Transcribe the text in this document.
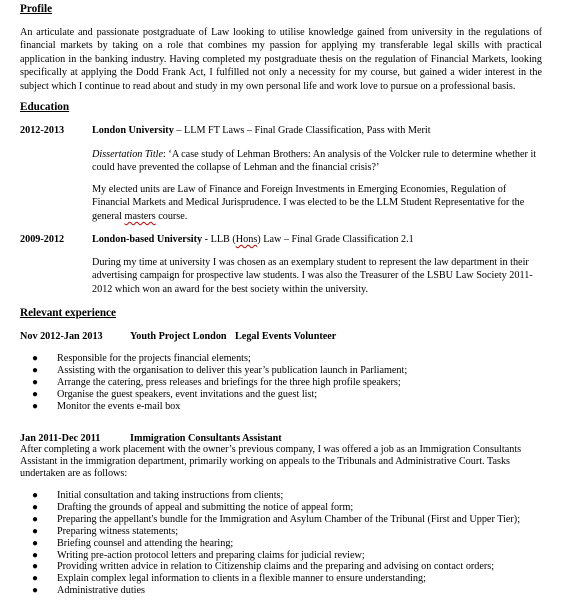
Profile
An articulate and passionate postgraduate of Law looking to utilise knowledge gained from university in the regulations of financial markets by taking on a role that combines my passion for applying my transferable legal skills with practical application in the banking industry. Having completed my postgraduate thesis on the regulation of Financial Markets, looking specifically at applying the Dodd Frank Act, I fulfilled not only a necessity for my course, but gained a wider interest in the subject which I continue to read about and study in my own personal life and work love to pursue on a professional basis.
Education
2012-2013	London University – LLM FT Laws – Final Grade Classification, Pass with Merit
Dissertation Title: ‘A case study of Lehman Brothers: An analysis of the Volcker rule to determine whether it could have prevented the collapse of Lehman and the financial crisis?’
My elected units are Law of Finance and Foreign Investments in Emerging Economies, Regulation of Financial Markets and Medical Jurisprudence. I was elected to be the LLM Student Representative for the general masters course.
2009-2012	London-based University - LLB (Hons) Law – Final Grade Classification 2.1
During my time at university I was chosen as an exemplary student to represent the law department in their advertising campaign for prospective law students. I was also the Treasurer of the LSBU Law Society 2011-2012 which won an award for the best society within the university.
Relevant experience
Nov 2012-Jan 2013	Youth Project London Legal Events Volunteer
● Responsible for the projects financial elements;
● Assisting with the organisation to deliver this year’s publication launch in Parliament;
● Arrange the catering, press releases and briefings for the three high profile speakers;
● Organise the guest speakers, event invitations and the guest list;
● Monitor the events e-mail box
Jan 2011-Dec 2011	Immigration Consultants Assistant
After completing a work placement with the owner’s previous company, I was offered a job as an Immigration Consultants Assistant in the immigration department, primarily working on appeals to the Tribunals and Administrative Court. Tasks undertaken are as follows:
● Initial consultation and taking instructions from clients;
● Drafting the grounds of appeal and submitting the notice of appeal form;
● Preparing the appellant's bundle for the Immigration and Asylum Chamber of the Tribunal (First and Upper Tier);
● Preparing witness statements;
● Briefing counsel and attending the hearing;
● Writing pre-action protocol letters and preparing claims for judicial review;
● Providing written advice in relation to Citizenship claims and the preparing and advising on contact orders;
● Explain complex legal information to clients in a flexible manner to ensure understanding;
● Administrative duties
